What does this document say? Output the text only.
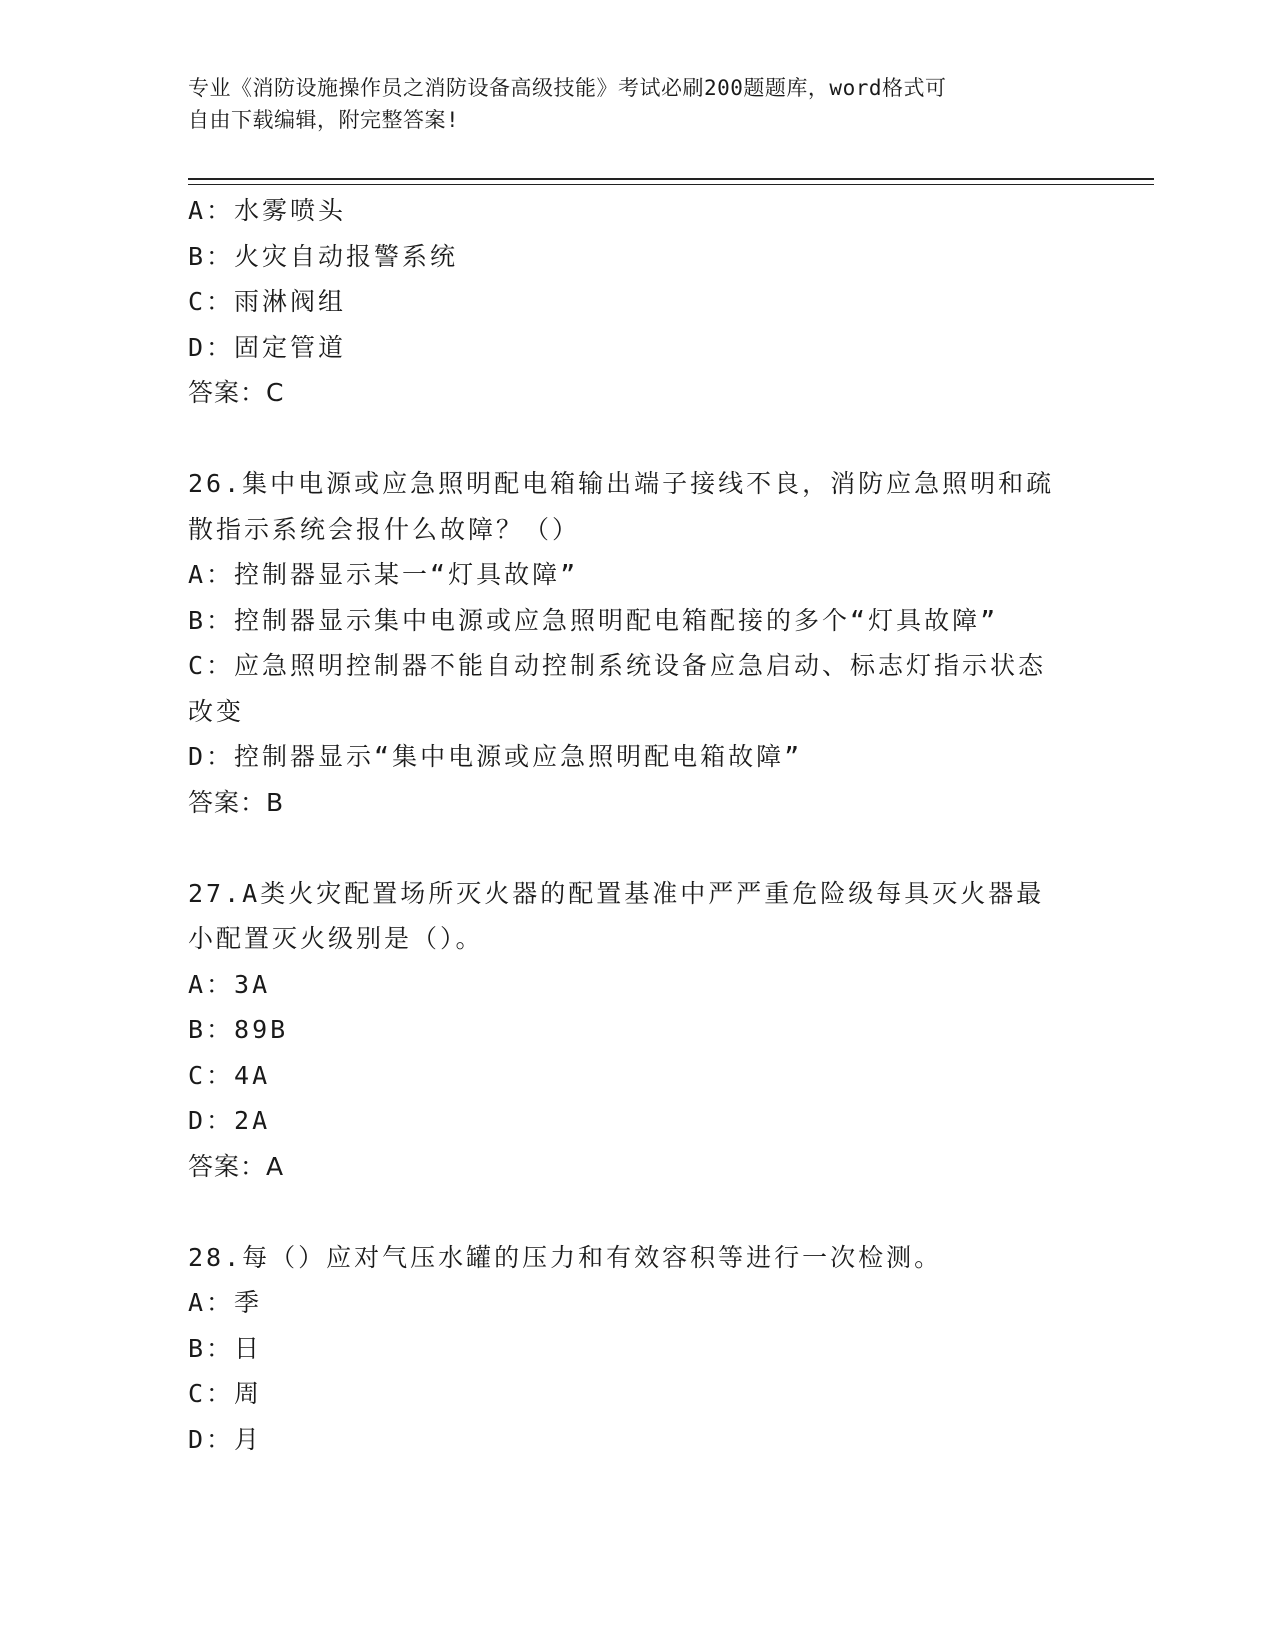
专业《消防设施操作员之消防设备高级技能》考试必刷200题题库，word格式可
自由下载编辑，附完整答案!
A：水雾喷头
B：火灾自动报警系统
C：雨淋阀组
D：固定管道
答案：C
26.集中电源或应急照明配电箱输出端子接线不良，消防应急照明和疏
散指示系统会报什么故障？（）
A：控制器显示某一“灯具故障”
B：控制器显示集中电源或应急照明配电箱配接的多个“灯具故障”
C：应急照明控制器不能自动控制系统设备应急启动、标志灯指示状态
改变
D：控制器显示“集中电源或应急照明配电箱故障”
答案：B
27.A类火灾配置场所灭火器的配置基准中严严重危险级每具灭火器最
小配置灭火级别是（）。
A：3A
B：89B
C：4A
D：2A
答案：A
28.每（）应对气压水罐的压力和有效容积等进行一次检测。
A：季
B：日
C：周
D：月
